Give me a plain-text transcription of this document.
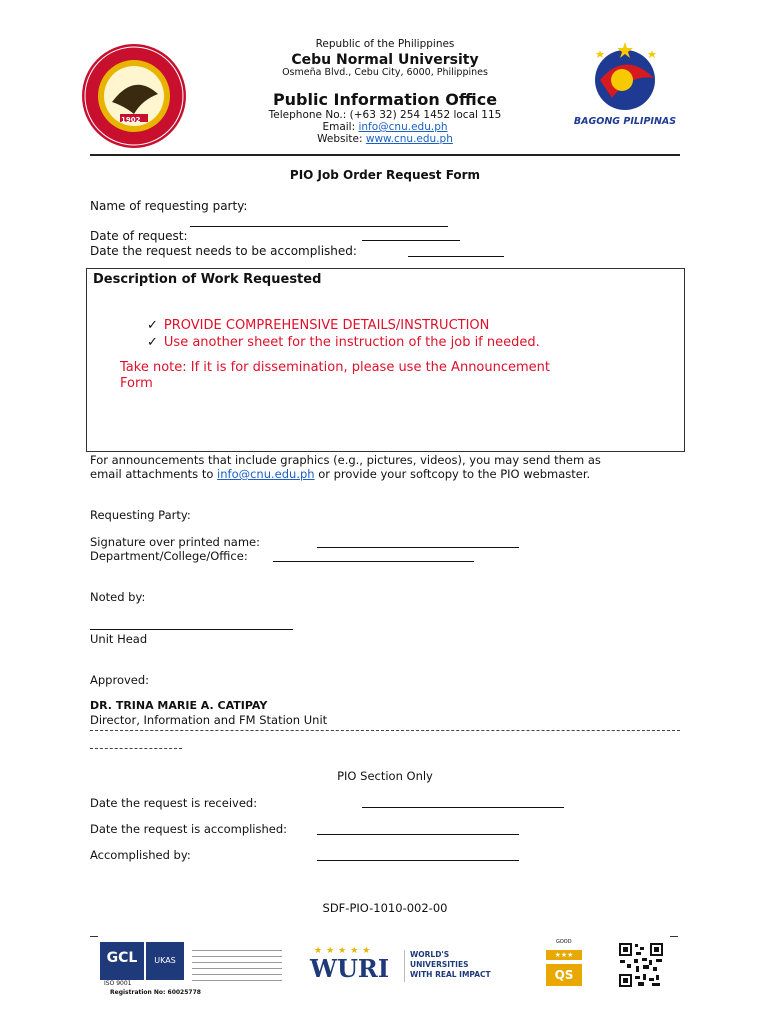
1902
Republic of the Philippines
Cebu Normal University
Osmeña Blvd., Cebu City, 6000, Philippines
Public Information Office
Telephone No.: (+63 32) 254 1452 local 115
Email: info@cnu.edu.ph
Website: www.cnu.edu.ph
BAGONG PILIPINAS
PIO Job Order Request Form
Name of requesting party:
Date of request:
Date the request needs to be accomplished:
Description of Work Requested
✓ PROVIDE COMPREHENSIVE DETAILS/INSTRUCTION
✓ Use another sheet for the instruction of the job if needed.
Take note: If it is for dissemination, please use the Announcement
Form
For announcements that include graphics (e.g., pictures, videos), you may send them as
email attachments to info@cnu.edu.ph or provide your softcopy to the PIO webmaster.
Requesting Party:
Signature over printed name:
Department/College/Office:
Noted by:
Unit Head
Approved:
DR. TRINA MARIE A. CATIPAY
Director, Information and FM Station Unit
PIO Section Only
Date the request is received:
Date the request is accomplished:
Accomplished by:
SDF-PIO-1010-002-00
GCL	UKAS
ISO 9001
Registration No: 60025778
★★★★★
WURI	WORLD'S
UNIVERSITIES
WITH REAL IMPACT
GOOD
★★★
QS
